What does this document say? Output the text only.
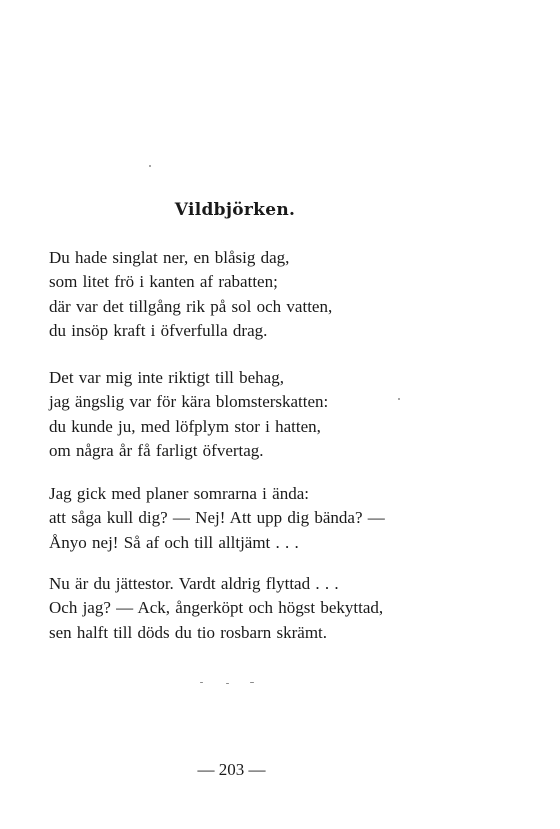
Vildbjörken.
Du hade singlat ner, en blåsig dag,
som litet frö i kanten af rabatten;
där var det tillgång rik på sol och vatten,
du insöp kraft i öfverfulla drag.
Det var mig inte riktigt till behag,
jag ängslig var för kära blomsterskatten:
du kunde ju, med löfplym stor i hatten,
om några år få farligt öfvertag.
Jag gick med planer somrarna i ända:
att såga kull dig? — Nej! Att upp dig bända? —
Ånyo nej! Så af och till alltjämt . . .
Nu är du jättestor. Vardt aldrig flyttad . . .
Och jag? — Ack, ångerköpt och högst bekyttad,
sen halft till döds du tio rosbarn skrämt.

— 203 —
